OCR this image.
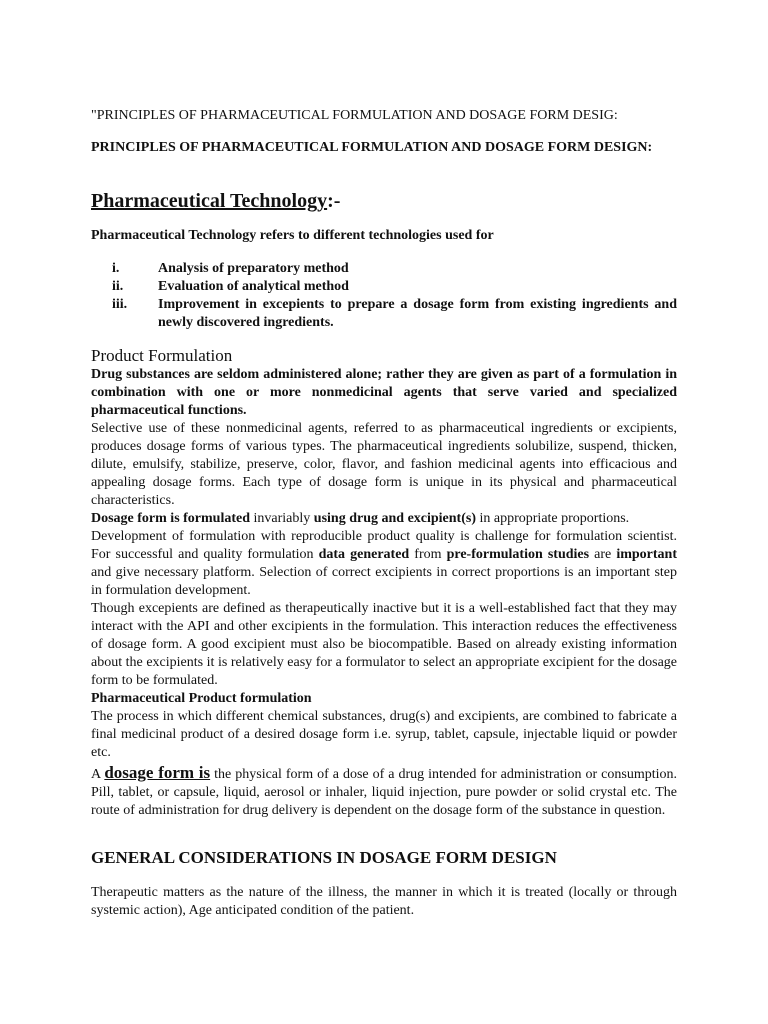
"PRINCIPLES OF PHARMACEUTICAL FORMULATION AND DOSAGE FORM DESIG:

PRINCIPLES OF PHARMACEUTICAL FORMULATION AND DOSAGE FORM DESIGN:

Pharmaceutical Technology:-

Pharmaceutical Technology refers to different technologies used for

i.	Analysis of preparatory method
ii. Evaluation of analytical method
iii. Improvement in excepients to prepare a dosage form from existing ingredients and newly discovered ingredients.
Product Formulation

Drug substances are seldom administered alone; rather they are given as part of a formulation in combination with one or more nonmedicinal agents that serve varied and specialized pharmaceutical functions.

Selective use of these nonmedicinal agents, referred to as pharmaceutical ingredients or excipients, produces dosage forms of various types. The pharmaceutical ingredients solubilize, suspend, thicken, dilute, emulsify, stabilize, preserve, color, flavor, and fashion medicinal agents into efficacious and appealing dosage forms. Each type of dosage form is unique in its physical and pharmaceutical characteristics.

Dosage form is formulated invariably using drug and excipient(s) in appropriate proportions.

Development of formulation with reproducible product quality is challenge for formulation scientist. For successful and quality formulation data generated from pre-formulation studies are important and give necessary platform. Selection of correct excipients in correct proportions is an important step in formulation development.

Though excepients are defined as therapeutically inactive but it is a well-established fact that they may interact with the API and other excipients in the formulation. This interaction reduces the effectiveness of dosage form. A good excipient must also be biocompatible. Based on already existing information about the excipients it is relatively easy for a formulator to select an appropriate excipient for the dosage form to be formulated.

Pharmaceutical Product formulation

The process in which different chemical substances, drug(s) and excipients, are combined to fabricate a final medicinal product of a desired dosage form i.e. syrup, tablet, capsule, injectable liquid or powder etc.

A dosage form is the physical form of a dose of a drug intended for administration or consumption. Pill, tablet, or capsule, liquid, aerosol or inhaler, liquid injection, pure powder or solid crystal etc. The route of administration for drug delivery is dependent on the dosage form of the substance in question.

GENERAL CONSIDERATIONS IN DOSAGE FORM DESIGN

Therapeutic matters as the nature of the illness, the manner in which it is treated (locally or through systemic action), Age anticipated condition of the patient.
